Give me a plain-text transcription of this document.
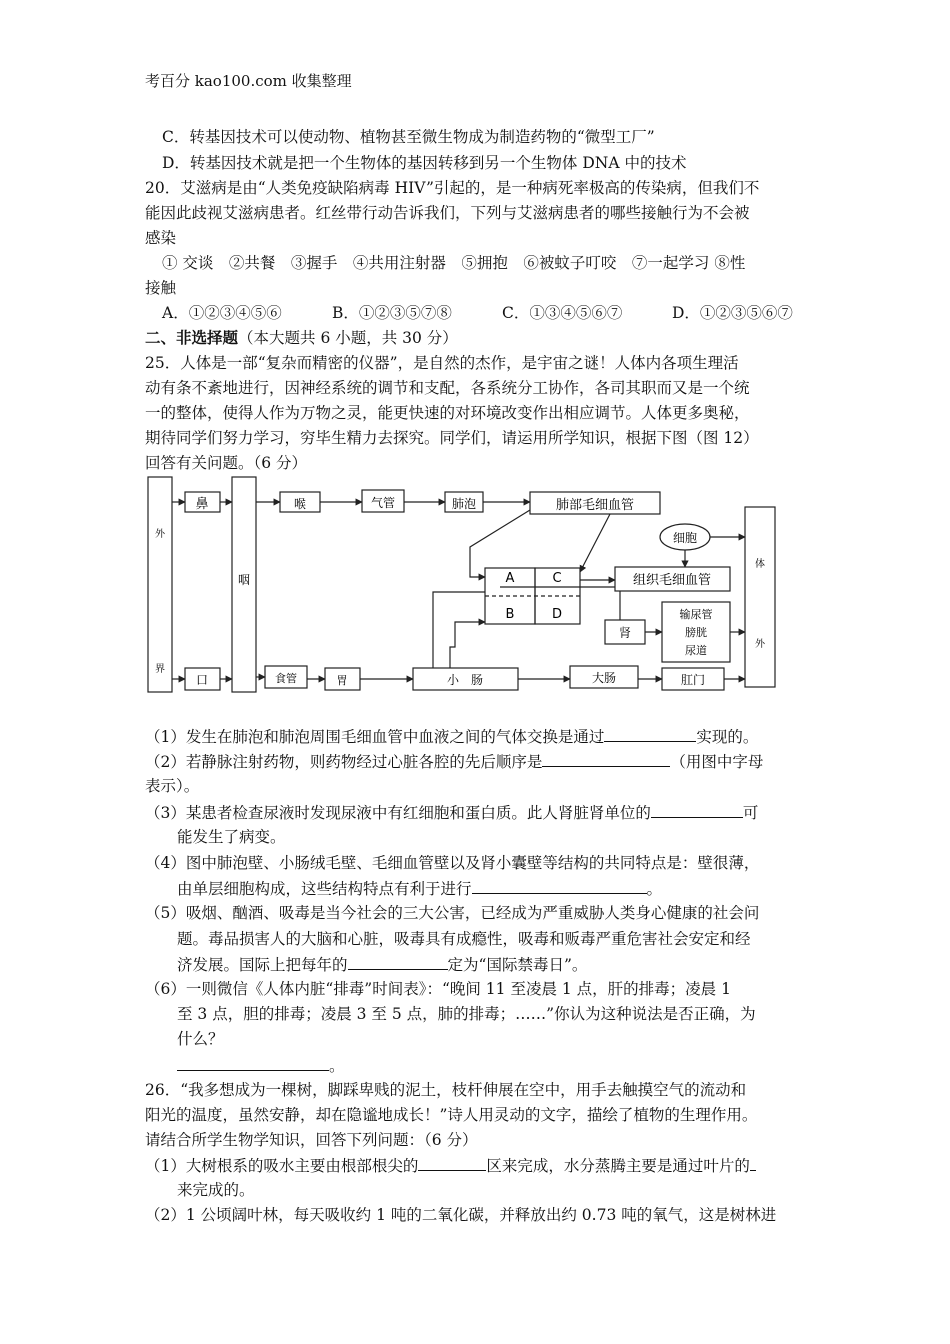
考百分 kao100.com 收集整理
C．转基因技术可以使动物、植物甚至微生物成为制造药物的“微型工厂”
D．转基因技术就是把一个生物体的基因转移到另一个生物体 DNA 中的技术
20．艾滋病是由“人类免疫缺陷病毒 HIV”引起的，是一种病死率极高的传染病，但我们不
能因此歧视艾滋病患者。红丝带行动告诉我们，下列与艾滋病患者的哪些接触行为不会被
感染
① 交谈　②共餐　③握手　④共用注射器　⑤拥抱　⑥被蚊子叮咬　⑦一起学习 ⑧性
接触
A．①②③④⑤⑥	B．①②③⑤⑦⑧	C．①③④⑤⑥⑦	D．①②③⑤⑥⑦
二、非选择题（本大题共 6 小题，共 30 分）
25．人体是一部“复杂而精密的仪器”，是自然的杰作，是宇宙之谜！人体内各项生理活
动有条不紊地进行，因神经系统的调节和支配，各系统分工协作，各司其职而又是一个统
一的整体，使得人作为万物之灵，能更快速的对环境改变作出相应调节。人体更多奥秘，
期待同学们努力学习，穷毕生精力去探究。同学们，请运用所学知识，根据下图（图 12）
回答有关问题。（6 分）
外
界
鼻
咽
喉	气管	肺泡	肺部毛细血管
细胞
组织毛细血管
A
B
C
D
肾
输尿管
膀胱
尿道
口	食管	胃	小　肠	大肠	肛门
体
外
（1）发生在肺泡和肺泡周围毛细血管中血液之间的气体交换是通过	实现的。
（2）若静脉注射药物，则药物经过心脏各腔的先后顺序是	（用图中字母
表示）。
（3）某患者检查尿液时发现尿液中有红细胞和蛋白质。此人肾脏肾单位的	可
能发生了病变。
（4）图中肺泡壁、小肠绒毛壁、毛细血管壁以及肾小囊壁等结构的共同特点是：壁很薄，
由单层细胞构成，这些结构特点有利于进行	。
（5）吸烟、酗酒、吸毒是当今社会的三大公害，已经成为严重威胁人类身心健康的社会问
题。毒品损害人的大脑和心脏，吸毒具有成瘾性，吸毒和贩毒严重危害社会安定和经
济发展。国际上把每年的	定为“国际禁毒日”。
（6）一则微信《人体内脏“排毒”时间表》：“晚间 11 至凌晨 1 点，肝的排毒；凌晨 1
至 3 点，胆的排毒；凌晨 3 至 5 点，肺的排毒；……”你认为这种说法是否正确，为
什么？
。
26．“我多想成为一棵树，脚踩卑贱的泥土，枝杆伸展在空中，用手去触摸空气的流动和
阳光的温度，虽然安静，却在隐谧地成长！”诗人用灵动的文字，描绘了植物的生理作用。
请结合所学生物学知识，回答下列问题：（6 分）
（1）大树根系的吸水主要由根部根尖的	区来完成，水分蒸腾主要是通过叶片的
来完成的。
（2）1 公顷阔叶林，每天吸收约 1 吨的二氧化碳，并释放出约 0.73 吨的氧气，这是树林进
